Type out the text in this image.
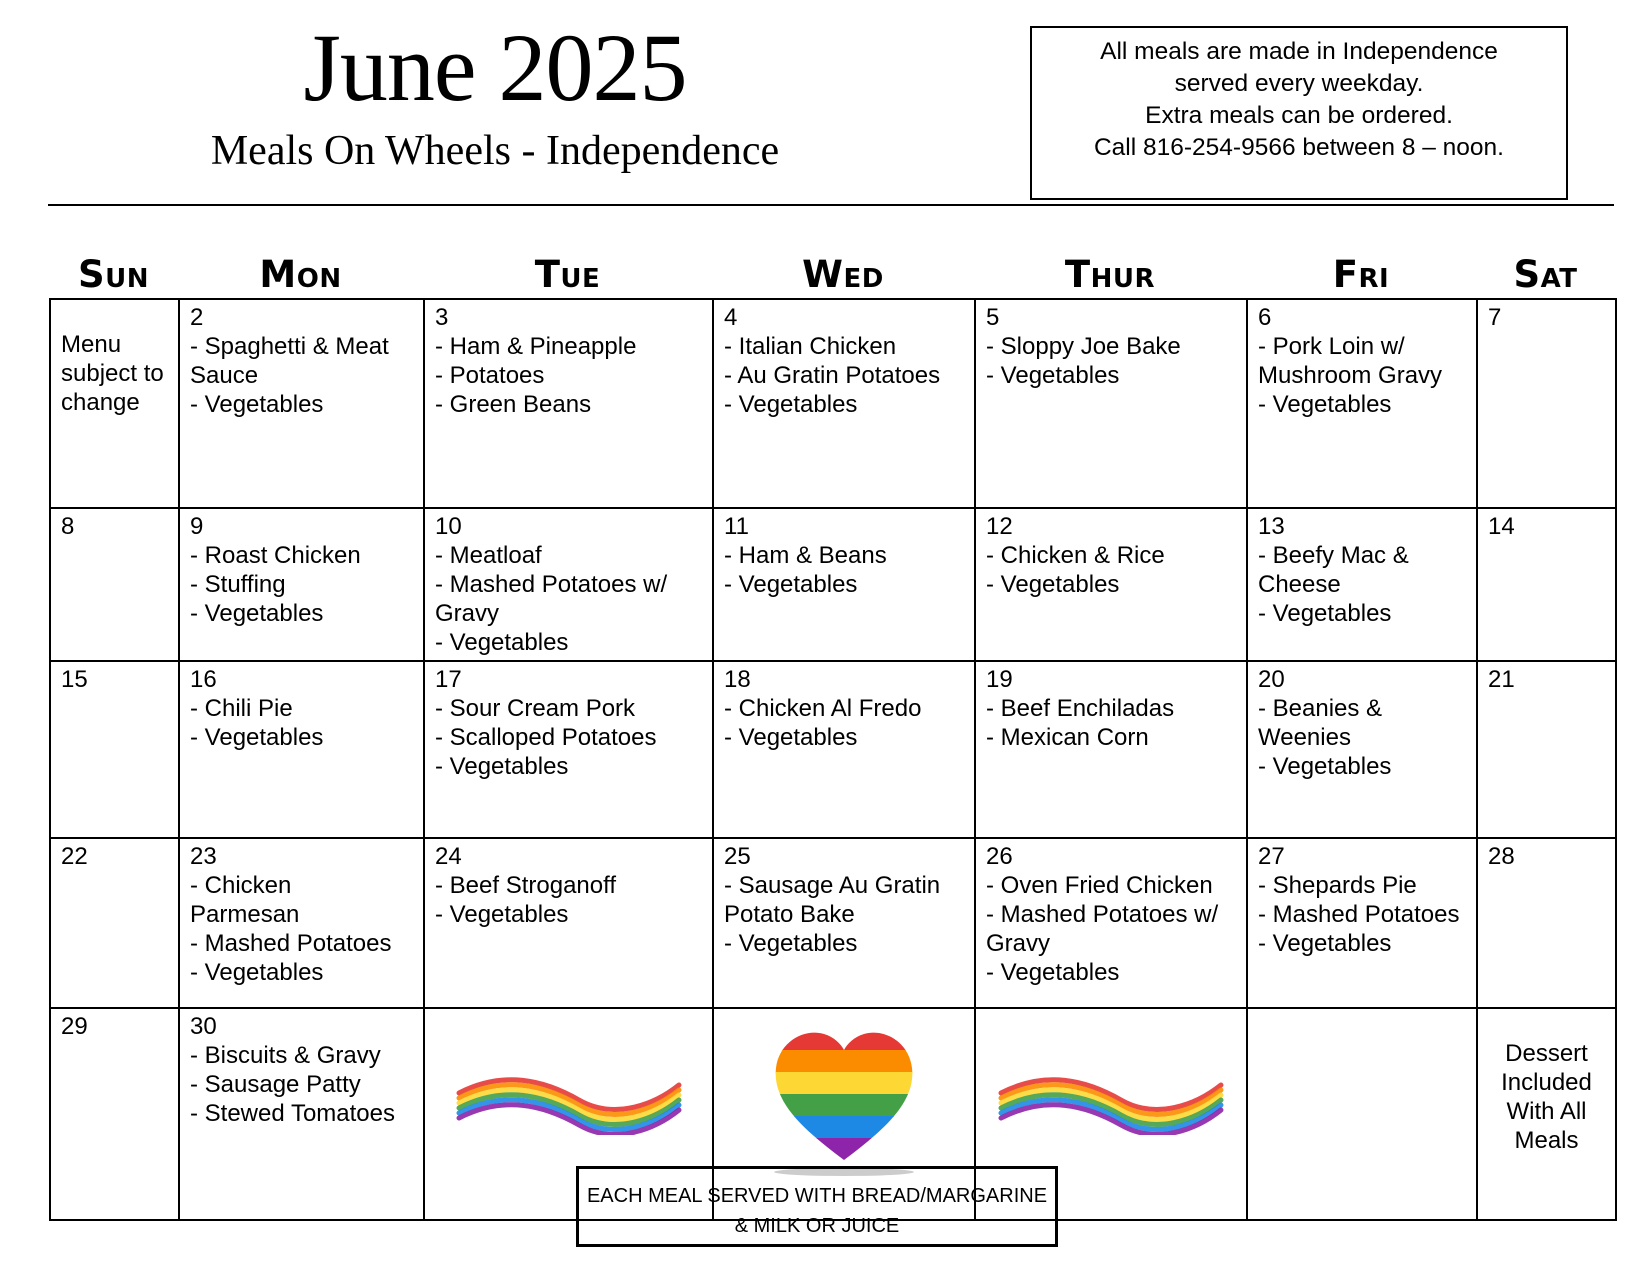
June 2025
Meals On Wheels - Independence
All meals are made in Independence
served every weekday.
Extra meals can be ordered.
Call 816-254-9566 between 8 – noon.
Sun	Mon	Tue	Wed	Thur	Fri	Sat
Menu
subject to
change	2
- Spaghetti & Meat
Sauce
- Vegetables	3
- Ham & Pineapple
- Potatoes
- Green Beans	4
- Italian Chicken
- Au Gratin Potatoes
- Vegetables	5
- Sloppy Joe Bake
- Vegetables	6
- Pork Loin w/
Mushroom Gravy
- Vegetables	7

8	9
- Roast Chicken
- Stuffing
- Vegetables	10
- Meatloaf
- Mashed Potatoes w/
Gravy
- Vegetables	11
- Ham & Beans
- Vegetables	12
- Chicken & Rice
- Vegetables	13
- Beefy Mac &
Cheese
- Vegetables	14

15	16
- Chili Pie
- Vegetables	17
- Sour Cream Pork
- Scalloped Potatoes
- Vegetables	18
- Chicken Al Fredo
- Vegetables	19
- Beef Enchiladas
- Mexican Corn	20
- Beanies &
Weenies
- Vegetables	21

22	23
- Chicken
Parmesan
- Mashed Potatoes
- Vegetables	24
- Beef Stroganoff
- Vegetables	25
- Sausage Au Gratin
Potato Bake
- Vegetables	26
- Oven Fried Chicken
- Mashed Potatoes w/
Gravy
- Vegetables	27
- Shepards Pie
- Mashed Potatoes
- Vegetables	28

29	30
- Biscuits & Gravy
- Sausage Patty
- Stewed Tomatoes					Dessert
Included
With All
Meals
EACH MEAL SERVED WITH BREAD/MARGARINE
& MILK OR JUICE
